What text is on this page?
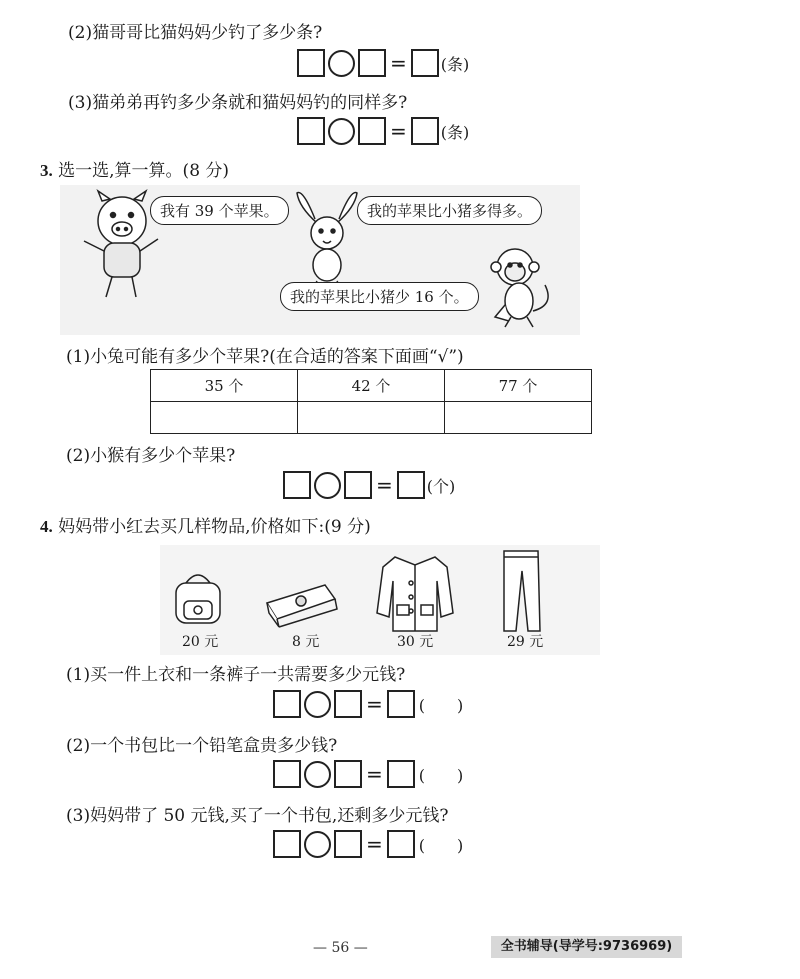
(2)猫哥哥比猫妈妈少钓了多少条?
= (条)
(3)猫弟弟再钓多少条就和猫妈妈钓的同样多?
= (条)
3. 选一选,算一算。(8 分)
我有 39 个苹果。	我的苹果比小猪多得多。
我的苹果比小猪少 16 个。
(1)小兔可能有多少个苹果?(在合适的答案下面画“√”)
35 个	42 个	77 个

(2)小猴有多少个苹果?
= (个)
4. 妈妈带小红去买几样物品,价格如下:(9 分)
20 元	8 元	30 元	29 元
(1)买一件上衣和一条裤子一共需要多少元钱?
= (　　)
(2)一个书包比一个铅笔盒贵多少钱?
= (　　)
(3)妈妈带了 50 元钱,买了一个书包,还剩多少元钱?
= (　　)
— 56 —	全书辅导(导学号:9736969)
